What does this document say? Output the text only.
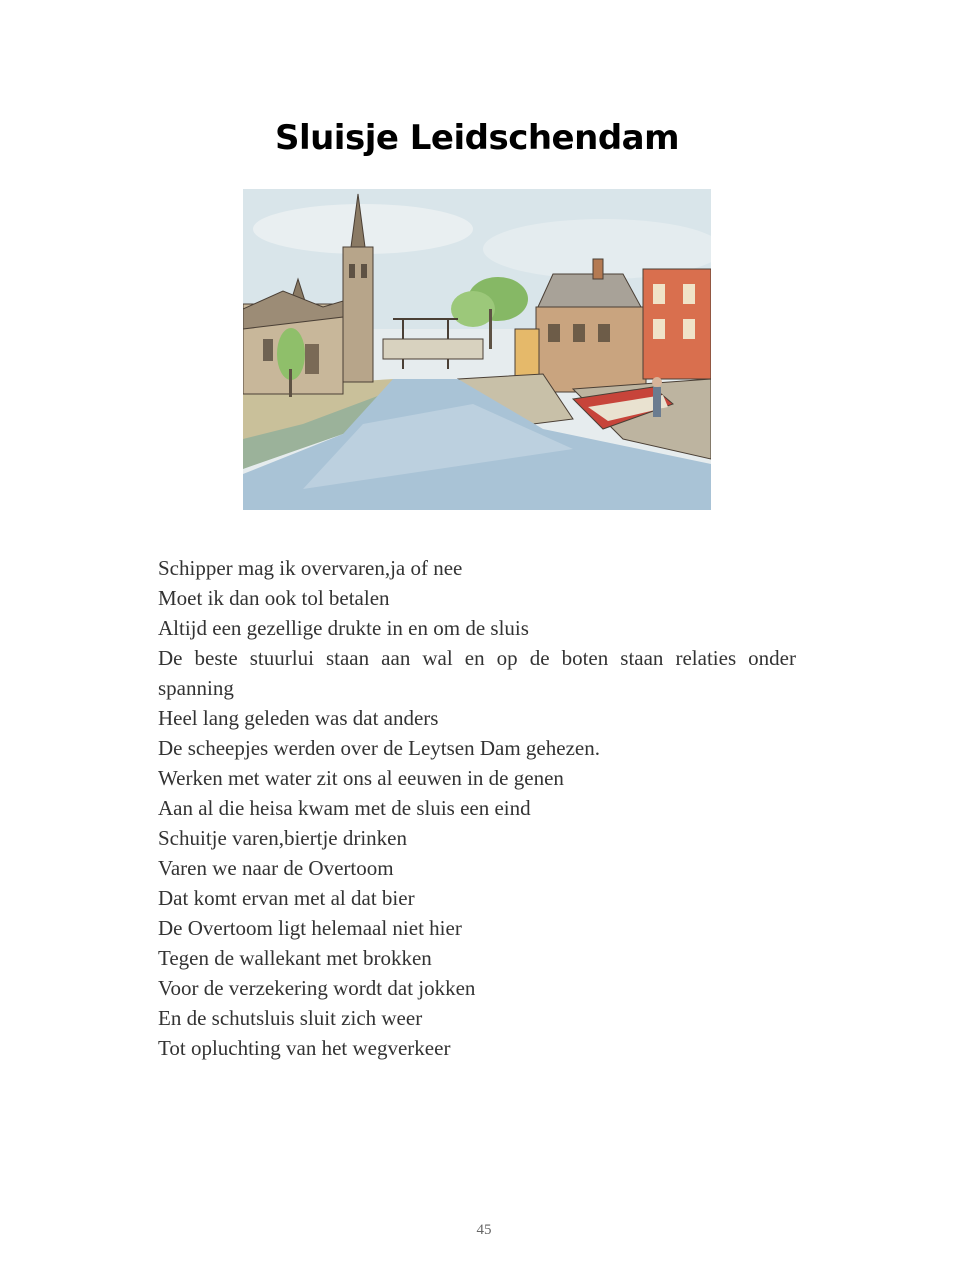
Sluisje Leidschendam
Schipper mag ik overvaren,ja of nee
Moet ik dan ook tol betalen
Altijd een gezellige drukte in en om de sluis
De beste stuurlui staan aan wal en op de boten staan relaties onder
spanning
Heel lang geleden was dat anders
De scheepjes werden over de Leytsen Dam gehezen.
Werken met water zit ons al eeuwen in de genen
Aan al die heisa kwam met de sluis een eind
Schuitje varen,biertje drinken
Varen we naar de Overtoom
Dat komt ervan met al dat bier
De Overtoom ligt helemaal niet hier
Tegen de wallekant met brokken
Voor de verzekering wordt dat jokken
En de schutsluis sluit zich weer
Tot opluchting van het wegverkeer
45
